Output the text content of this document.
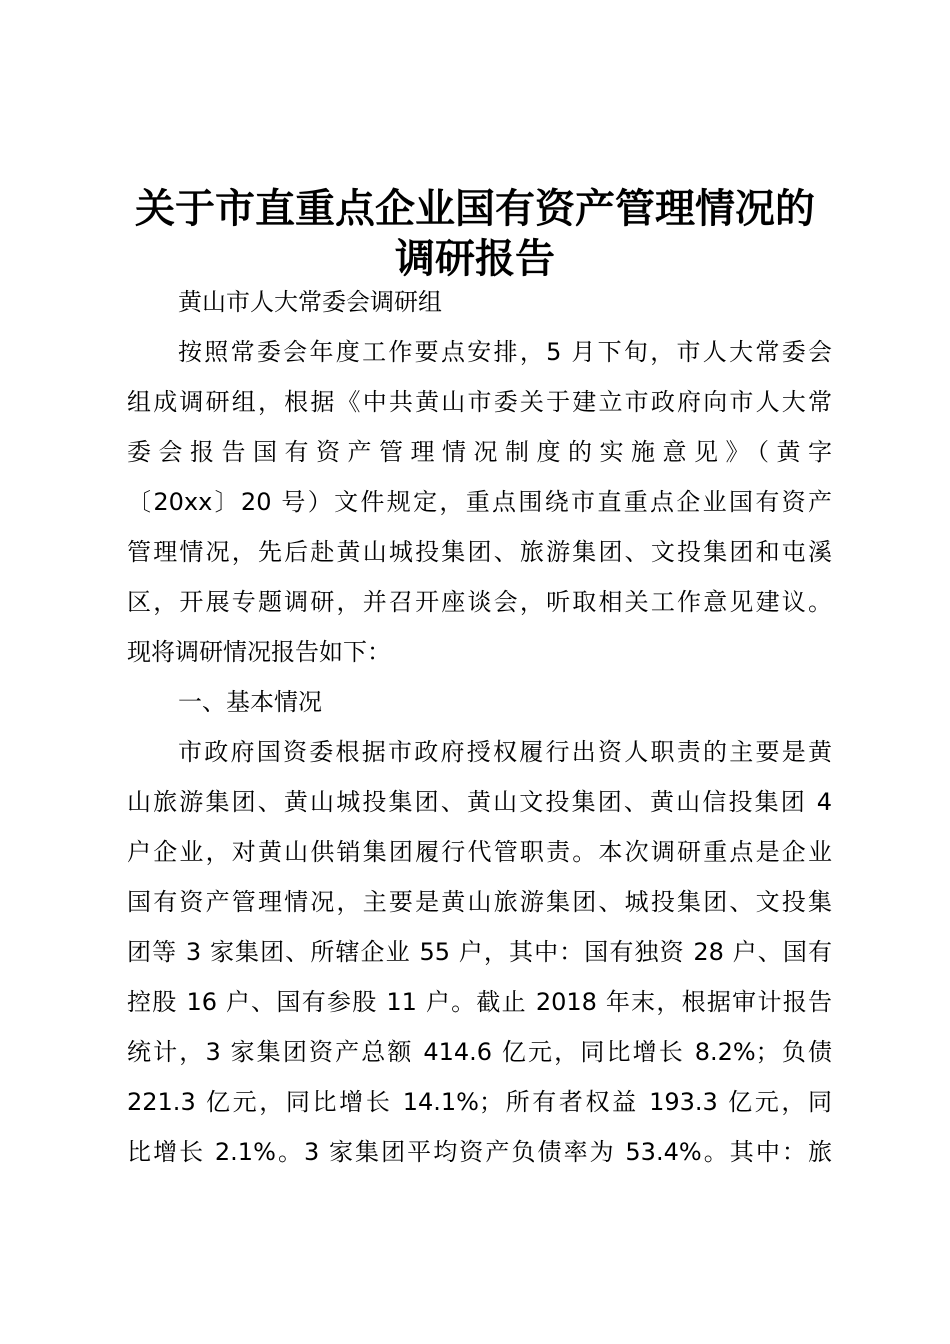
关于市直重点企业国有资产管理情况的
调研报告

黄山市人大常委会调研组

按照常委会年度工作要点安排，5 月下旬，市人大常委会

组成调研组，根据《中共黄山市委关于建立市政府向市人大常

委会报告国有资产管理情况制度的实施意见》（黄字

〔20xx〕20 号）文件规定，重点围绕市直重点企业国有资产

管理情况，先后赴黄山城投集团、旅游集团、文投集团和屯溪

区，开展专题调研，并召开座谈会，听取相关工作意见建议。

现将调研情况报告如下：

一、基本情况

市政府国资委根据市政府授权履行出资人职责的主要是黄

山旅游集团、黄山城投集团、黄山文投集团、黄山信投集团 4

户企业，对黄山供销集团履行代管职责。本次调研重点是企业

国有资产管理情况，主要是黄山旅游集团、城投集团、文投集

团等 3 家集团、所辖企业 55 户，其中：国有独资 28 户、国有

控股 16 户、国有参股 11 户。截止 2018 年末，根据审计报告

统计，3 家集团资产总额 414.6 亿元，同比增长 8.2%；负债

221.3 亿元，同比增长 14.1%；所有者权益 193.3 亿元，同

比增长 2.1%。3 家集团平均资产负债率为 53.4%。其中：旅
